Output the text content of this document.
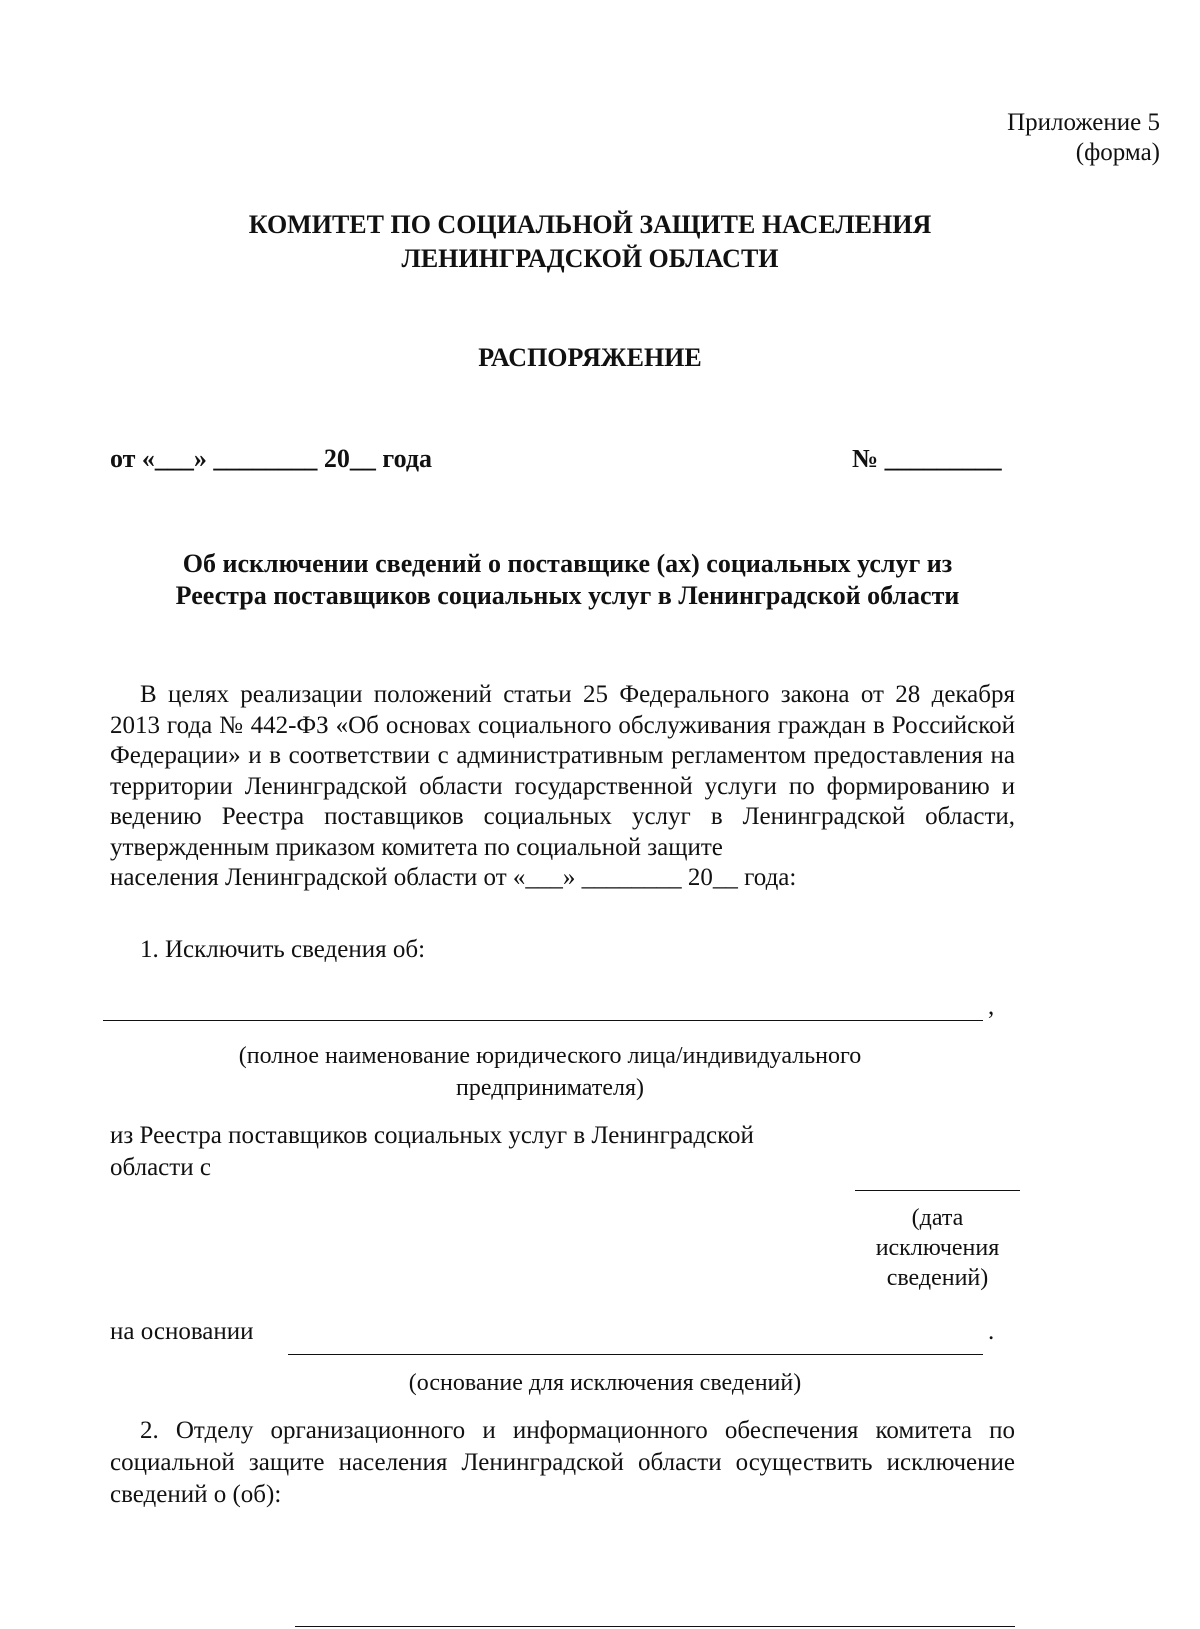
Приложение 5
(форма)
КОМИТЕТ ПО СОЦИАЛЬНОЙ ЗАЩИТЕ НАСЕЛЕНИЯ
ЛЕНИНГРАДСКОЙ ОБЛАСТИ
РАСПОРЯЖЕНИЕ
от «___» ________ 20__ года	№ _________
Об исключении сведений о поставщике (ах) социальных услуг из
Реестра поставщиков социальных услуг в Ленинградской области
В целях реализации положений статьи 25 Федерального закона от 28 декабря 2013 года № 442-ФЗ «Об основах социального обслуживания граждан в Российской Федерации» и в соответствии с административным регламентом предоставления на территории Ленинградской области государственной услуги по формированию и ведению Реестра поставщиков социальных услуг в Ленинградской области, утвержденным приказом комитета по социальной защите
населения Ленинградской области от «___» ________ 20__ года:
1. Исключить сведения об:
,
(полное наименование юридического лица/индивидуального
предпринимателя)
из Реестра поставщиков социальных услуг в Ленинградской
области с
(дата
исключения
сведений)
на основании	.
(основание для исключения сведений)
2. Отделу организационного и информационного обеспечения комитета по социальной защите населения Ленинградской области осуществить исключение сведений о (об):
